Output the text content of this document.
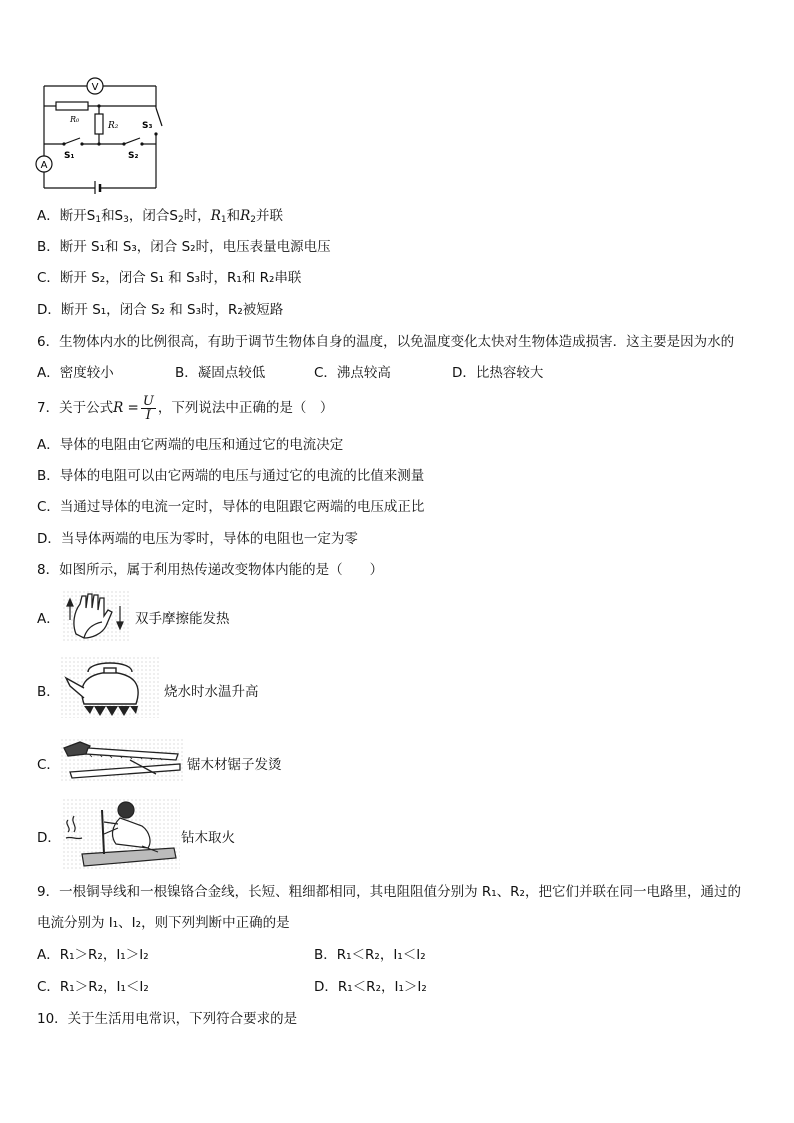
V
A
R₀
R₂	S₃
S₁	S₂
A．断开$S_1$和$S_3$，闭合$S_2$时，$R_1$和$R_2$并联
B．断开 S₁和 S₃，闭合 S₂时，电压表量电源电压
C．断开 S₂，闭合 S₁ 和 S₃时，R₁和 R₂串联
D．断开 S₁，闭合 S₂ 和 S₃时，R₂被短路
6．生物体内水的比例很高，有助于调节生物体自身的温度，以免温度变化太快对生物体造成损害．这主要是因为水的
A．密度较小	B．凝固点较低	C．沸点较高	D．比热容较大
7．关于公式$R = \frac{U}{I}$ ，下列说法中正确的是（　）
A．导体的电阻由它两端的电压和通过它的电流决定
B．导体的电阻可以由它两端的电压与通过它的电流的比值来测量
C．当通过导体的电流一定时，导体的电阻跟它两端的电压成正比
D．当导体两端的电压为零时，导体的电阻也一定为零
8．如图所示，属于利用热传递改变物体内能的是（　　）
A．	双手摩擦能发热
B．	烧水时水温升高
C．	锯木材锯子发烫
D．	钻木取火
9．一根铜导线和一根镍铬合金线，长短、粗细都相同，其电阻阻值分别为 R₁、R₂，把它们并联在同一电路里，通过的
电流分别为 I₁、I₂，则下列判断中正确的是
A．R₁＞R₂，I₁＞I₂	B．R₁＜R₂，I₁＜I₂
C．R₁＞R₂，I₁＜I₂	D．R₁＜R₂，I₁＞I₂
10．关于生活用电常识，下列符合要求的是
